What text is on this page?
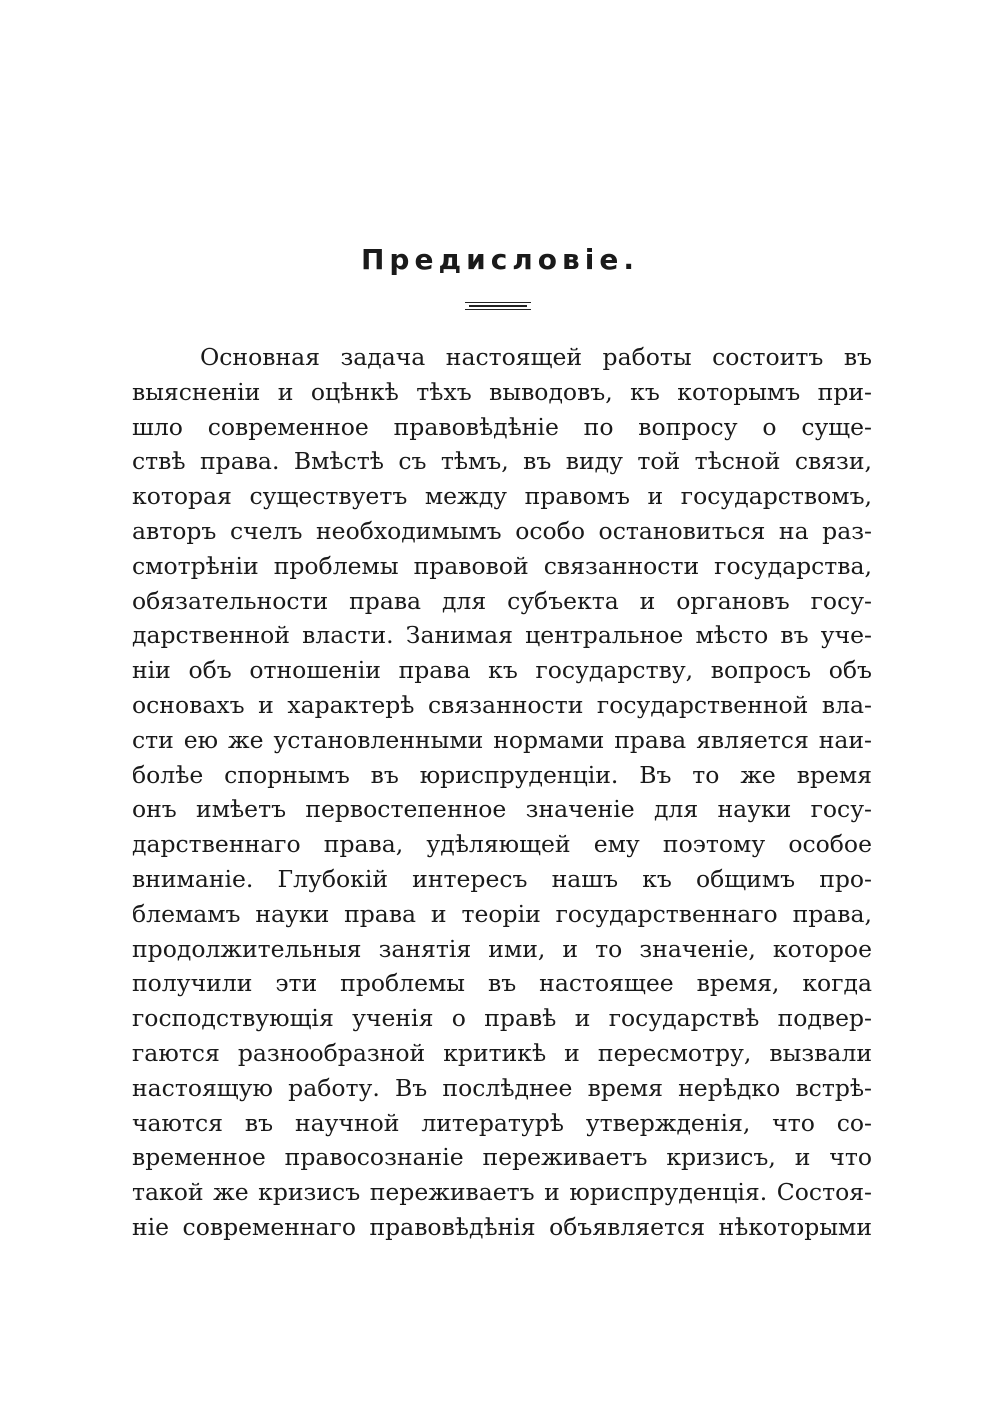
Предисловіе.
Основная задача настоящей работы состоитъ въ
выясненіи и оцѣнкѣ тѣхъ выводовъ, къ которымъ при-
шло современное правовѣдѣніе по вопросу о суще-
ствѣ права. Вмѣстѣ съ тѣмъ, въ виду той тѣсной связи,
которая существуетъ между правомъ и государствомъ,
авторъ счелъ необходимымъ особо остановиться на раз-
смотрѣніи проблемы правовой связанности государства,
обязательности права для субъекта и органовъ госу-
дарственной власти. Занимая центральное мѣсто въ уче-
ніи объ отношеніи права къ государству, вопросъ объ
основахъ и характерѣ связанности государственной вла-
сти ею же установленными нормами права является наи-
болѣе спорнымъ въ юриспруденціи. Въ то же время
онъ имѣетъ первостепенное значеніе для науки госу-
дарственнаго права, удѣляющей ему поэтому особое
вниманіе. Глубокій интересъ нашъ къ общимъ про-
блемамъ науки права и теоріи государственнаго права,
продолжительныя занятія ими, и то значеніе, которое
получили эти проблемы въ настоящее время, когда
господствующія ученія о правѣ и государствѣ подвер-
гаются разнообразной критикѣ и пересмотру, вызвали
настоящую работу. Въ послѣднее время нерѣдко встрѣ-
чаются въ научной литературѣ утвержденія, что со-
временное правосознаніе переживаетъ кризисъ, и что
такой же кризисъ переживаетъ и юриспруденція. Состоя-
ніе современнаго правовѣдѣнія объявляется нѣкоторыми
